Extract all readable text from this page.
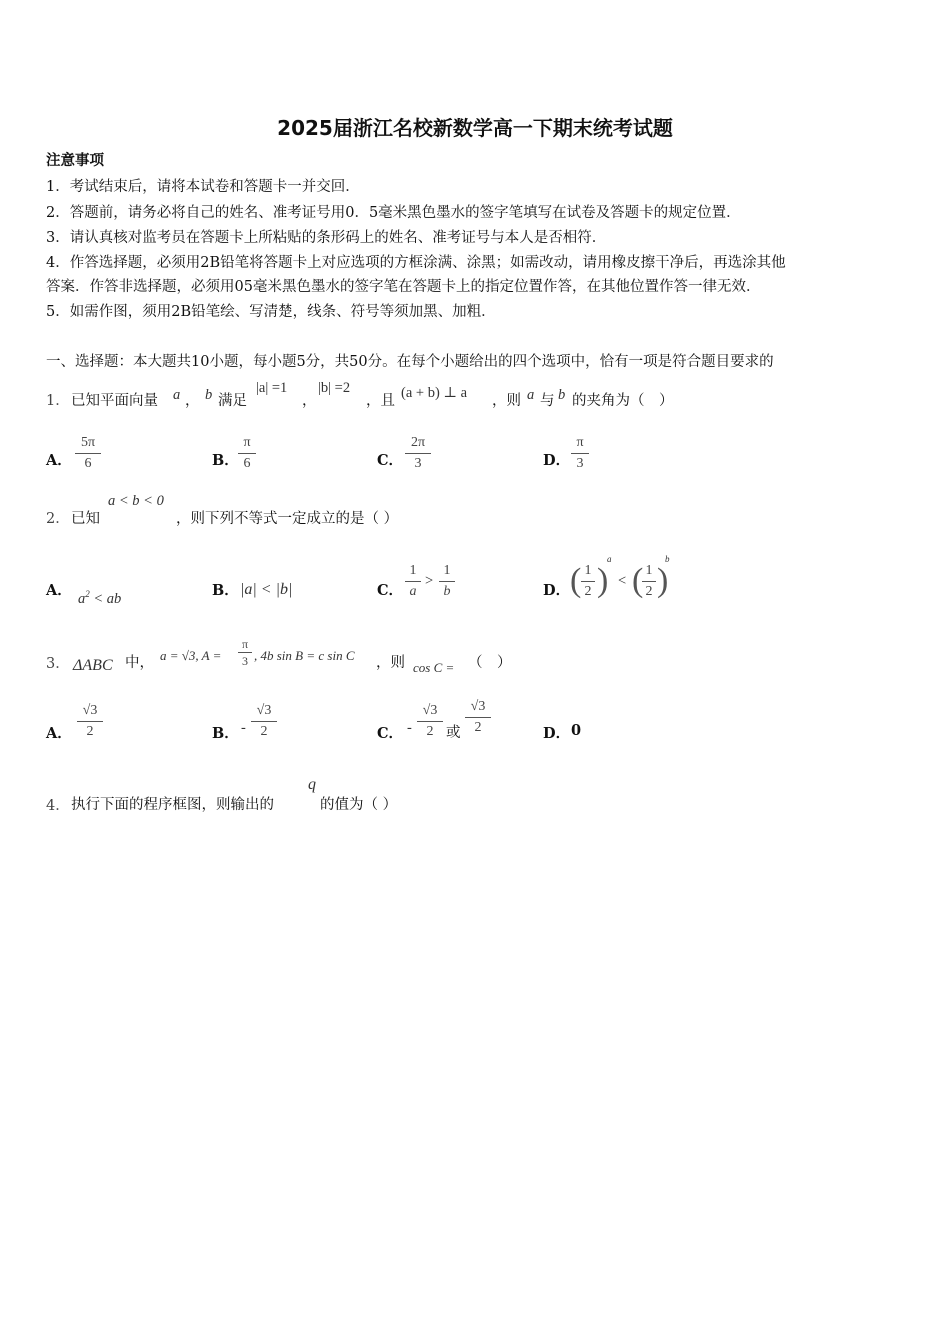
2025届浙江名校新数学高一下期末统考试题
注意事项
1．考试结束后，请将本试卷和答题卡一并交回．
2．答题前，请务必将自己的姓名、准考证号用0．5毫米黑色墨水的签字笔填写在试卷及答题卡的规定位置．
3．请认真核对监考员在答题卡上所粘贴的条形码上的姓名、准考证号与本人是否相符．
4．作答选择题，必须用2B铅笔将答题卡上对应选项的方框涂满、涂黑；如需改动，请用橡皮擦干净后，再选涂其他
答案．作答非选择题，必须用05毫米黑色墨水的签字笔在答题卡上的指定位置作答，在其他位置作答一律无效．
5．如需作图，须用2B铅笔绘、写清楚，线条、符号等须加黑、加粗．
一、选择题：本大题共10小题，每小题5分，共50分。在每个小题给出的四个选项中，恰有一项是符合题目要求的
1． 已知平面向量 a ， b 满足
|a| =1
，
|b| =2
，且 (a + b) ⊥ a ，则 a 与 b 的夹角为（　）
A．
5π
6	B．
π
6	C．
2π
3	D．
π
3
2． 已知
a < b < 0
，则下列不等式一定成立的是（ ）
A． $a^2$ < ab	B． |a| < |b|	C．
1
a
>
1
b	D． ( 1
2 )
a
< ( 1
2 )
b
3． ΔABC 中， a = √3, A =
π
3 , 4b sin B = c sin C ，则 cos C = （　）
A．
√3
2	B． -
√3
2	C． -
√3
2 或
√3
2	D． 0
4． 执行下面的程序框图，则输出的
q
的值为（ ）
